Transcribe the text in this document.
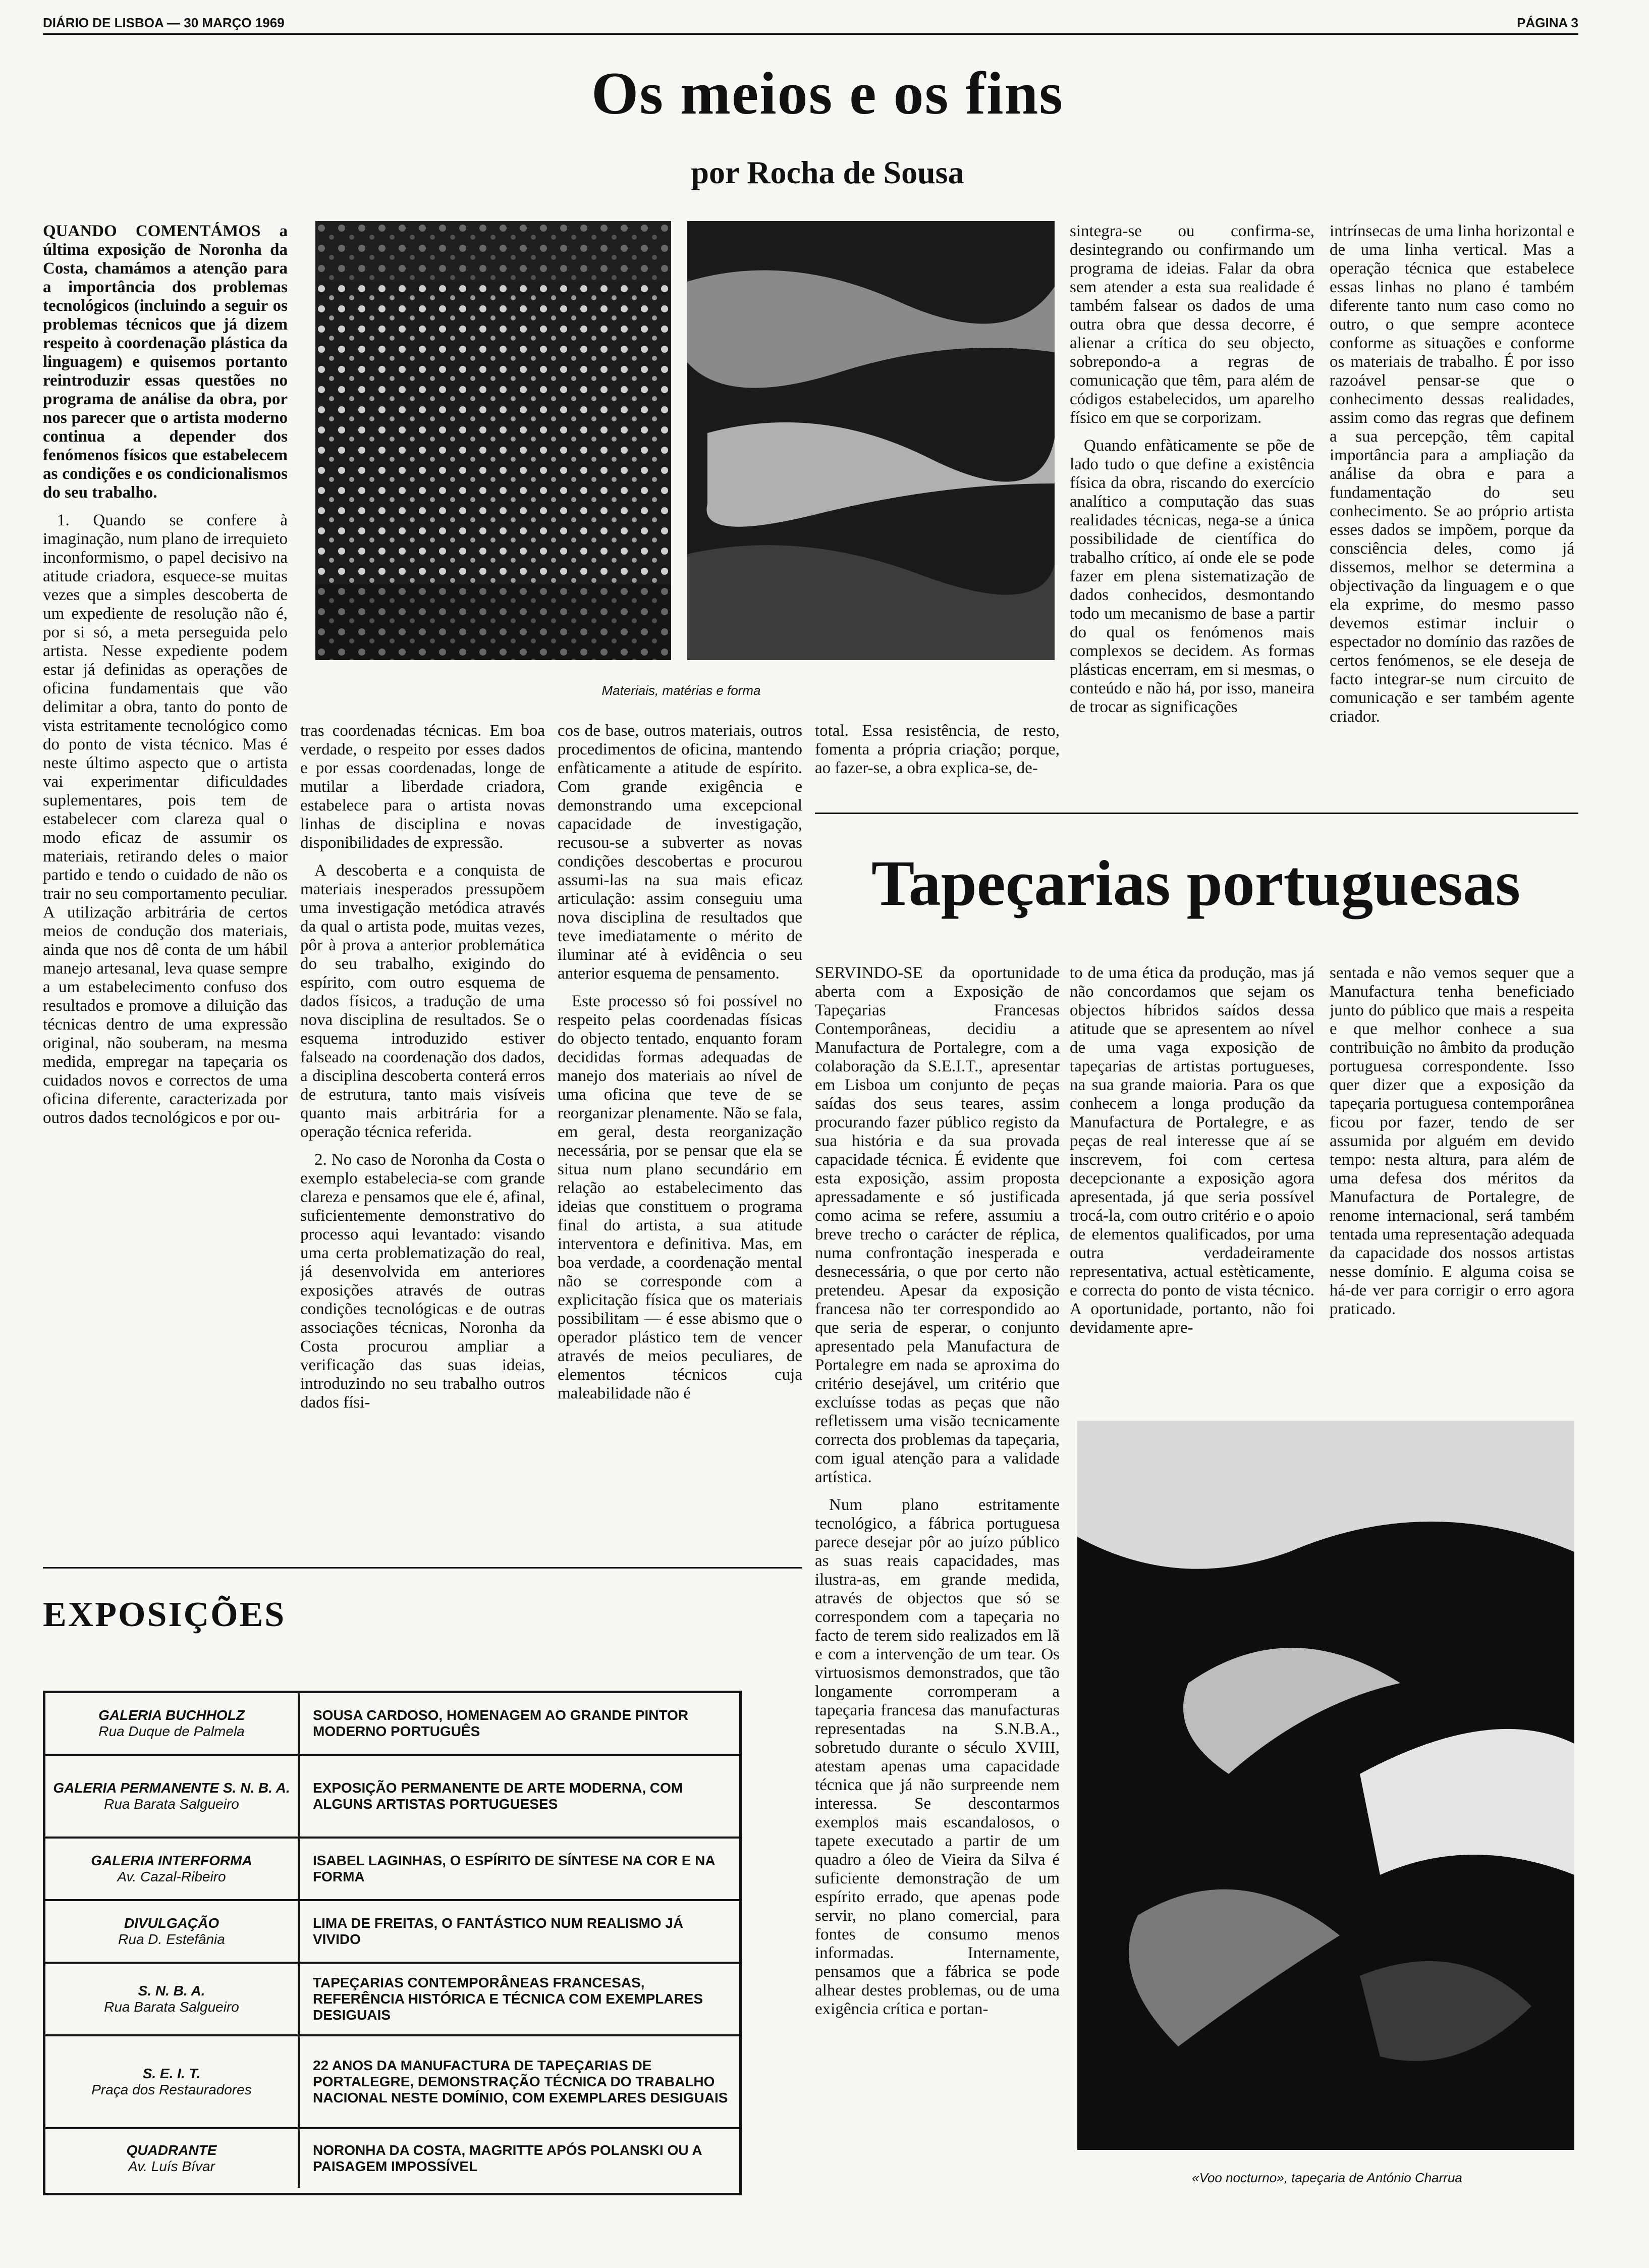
DIÁRIO DE LISBOA — 30 MARÇO 1969	PÁGINA 3
Os meios e os fins
por Rocha de Sousa

QUANDO COMENTÁMOS a última exposição de Noronha da Costa, chamámos a atenção para a importância dos problemas tecnológicos (incluindo a seguir os problemas técnicos que já dizem respeito à coordenação plástica da linguagem) e quisemos portanto reintroduzir essas questões no programa de análise da obra, por nos parecer que o artista moderno continua a depender dos fenómenos físicos que estabelecem as condições e os condicionalismos do seu trabalho.

1. Quando se confere à imaginação, num plano de irrequieto inconformismo, o papel decisivo na atitude criadora, esquece-se muitas vezes que a simples descoberta de um expediente de resolução não é, por si só, a meta perseguida pelo artista. Nesse expediente podem estar já definidas as operações de oficina fundamentais que vão delimitar a obra, tanto do ponto de vista estritamente tecnológico como do ponto de vista técnico. Mas é neste último aspecto que o artista vai experimentar dificuldades suplementares, pois tem de estabelecer com clareza qual o modo eficaz de assumir os materiais, retirando deles o maior partido e tendo o cuidado de não os trair no seu comportamento peculiar. A utilização arbitrária de certos meios de condução dos materiais, ainda que nos dê conta de um hábil manejo artesanal, leva quase sempre a um estabelecimento confuso dos resultados e promove a diluição das técnicas dentro de uma expressão original, não souberam, na mesma medida, empregar na tapeçaria os cuidados novos e correctos de uma oficina diferente, caracterizada por outros dados tecnológicos e por ou-

Materiais, matérias e forma

tras coordenadas técnicas. Em boa verdade, o respeito por esses dados e por essas coordenadas, longe de mutilar a liberdade criadora, estabelece para o artista novas linhas de disciplina e novas disponibilidades de expressão.

A descoberta e a conquista de materiais inesperados pressupõem uma investigação metódica através da qual o artista pode, muitas vezes, pôr à prova a anterior problemática do seu trabalho, exigindo do espírito, com outro esquema de dados físicos, a tradução de uma nova disciplina de resultados. Se o esquema introduzido estiver falseado na coordenação dos dados, a disciplina descoberta conterá erros de estrutura, tanto mais visíveis quanto mais arbitrária for a operação técnica referida.

2. No caso de Noronha da Costa o exemplo estabelecia-se com grande clareza e pensamos que ele é, afinal, suficientemente demonstrativo do processo aqui levantado: visando uma certa problematização do real, já desenvolvida em anteriores exposições através de outras condições tecnológicas e de outras associações técnicas, Noronha da Costa procurou ampliar a verificação das suas ideias, introduzindo no seu trabalho outros dados físi-

cos de base, outros materiais, outros procedimentos de oficina, mantendo enfàticamente a atitude de espírito. Com grande exigência e demonstrando uma excepcional capacidade de investigação, recusou-se a subverter as novas condições descobertas e procurou assumi-las na sua mais eficaz articulação: assim conseguiu uma nova disciplina de resultados que teve imediatamente o mérito de iluminar até à evidência o seu anterior esquema de pensamento.

Este processo só foi possível no respeito pelas coordenadas físicas do objecto tentado, enquanto foram decididas formas adequadas de manejo dos materiais ao nível de uma oficina que teve de se reorganizar plenamente. Não se fala, em geral, desta reorganização necessária, por se pensar que ela se situa num plano secundário em relação ao estabelecimento das ideias que constituem o programa final do artista, a sua atitude interventora e definitiva. Mas, em boa verdade, a coordenação mental não se corresponde com a explicitação física que os materiais possibilitam — é esse abismo que o operador plástico tem de vencer através de meios peculiares, de elementos técnicos cuja maleabilidade não é

total. Essa resistência, de resto, fomenta a própria criação; porque, ao fazer-se, a obra explica-se, de-

sintegra-se ou confirma-se, desintegrando ou confirmando um programa de ideias. Falar da obra sem atender a esta sua realidade é também falsear os dados de uma outra obra que dessa decorre, é alienar a crítica do seu objecto, sobrepondo-a a regras de comunicação que têm, para além de códigos estabelecidos, um aparelho físico em que se corporizam.

Quando enfàticamente se põe de lado tudo o que define a existência física da obra, riscando do exercício analítico a computação das suas realidades técnicas, nega-se a única possibilidade de científica do trabalho crítico, aí onde ele se pode fazer em plena sistematização de dados conhecidos, desmontando todo um mecanismo de base a partir do qual os fenómenos mais complexos se decidem. As formas plásticas encerram, em si mesmas, o conteúdo e não há, por isso, maneira de trocar as significações

intrínsecas de uma linha horizontal e de uma linha vertical. Mas a operação técnica que estabelece essas linhas no plano é também diferente tanto num caso como no outro, o que sempre acontece conforme as situações e conforme os materiais de trabalho. É por isso razoável pensar-se que o conhecimento dessas realidades, assim como das regras que definem a sua percepção, têm capital importância para a ampliação da análise da obra e para a fundamentação do seu conhecimento. Se ao próprio artista esses dados se impõem, porque da consciência deles, como já dissemos, melhor se determina a objectivação da linguagem e o que ela exprime, do mesmo passo devemos estimar incluir o espectador no domínio das razões de certos fenómenos, se ele deseja de facto integrar-se num circuito de comunicação e ser também agente criador.

Tapeçarias portuguesas

SERVINDO-SE da oportunidade aberta com a Exposição de Tapeçarias Francesas Contemporâneas, decidiu a Manufactura de Portalegre, com a colaboração da S.E.I.T., apresentar em Lisboa um conjunto de peças saídas dos seus teares, assim procurando fazer público registo da sua história e da sua provada capacidade técnica. É evidente que esta exposição, assim proposta apressadamente e só justificada como acima se refere, assumiu a breve trecho o carácter de réplica, numa confrontação inesperada e desnecessária, o que por certo não pretendeu. Apesar da exposição francesa não ter correspondido ao que seria de esperar, o conjunto apresentado pela Manufactura de Portalegre em nada se aproxima do critério desejável, um critério que excluísse todas as peças que não refletissem uma visão tecnicamente correcta dos problemas da tapeçaria, com igual atenção para a validade artística.

Num plano estritamente tecnológico, a fábrica portuguesa parece desejar pôr ao juízo público as suas reais capacidades, mas ilustra-as, em grande medida, através de objectos que só se correspondem com a tapeçaria no facto de terem sido realizados em lã e com a intervenção de um tear. Os virtuosismos demonstrados, que tão longamente corromperam a tapeçaria francesa das manufacturas representadas na S.N.B.A., sobretudo durante o século XVIII, atestam apenas uma capacidade técnica que já não surpreende nem interessa. Se descontarmos exemplos mais escandalosos, o tapete executado a partir de um quadro a óleo de Vieira da Silva é suficiente demonstração de um espírito errado, que apenas pode servir, no plano comercial, para fontes de consumo menos informadas. Internamente, pensamos que a fábrica se pode alhear destes problemas, ou de uma exigência crítica e portan-

to de uma ética da produção, mas já não concordamos que sejam os objectos híbridos saídos dessa atitude que se apresentem ao nível de uma vaga exposição de tapeçarias de artistas portugueses, na sua grande maioria. Para os que conhecem a longa produção da Manufactura de Portalegre, e as peças de real interesse que aí se inscrevem, foi com certesa decepcionante a exposição agora apresentada, já que seria possível trocá-la, com outro critério e o apoio de elementos qualificados, por uma outra verdadeiramente representativa, actual estèticamente, e correcta do ponto de vista técnico. A oportunidade, portanto, não foi devidamente apre-

sentada e não vemos sequer que a Manufactura tenha beneficiado junto do público que mais a respeita e que melhor conhece a sua contribuição no âmbito da produção portuguesa correspondente. Isso quer dizer que a exposição da tapeçaria portuguesa contemporânea ficou por fazer, tendo de ser assumida por alguém em devido tempo: nesta altura, para além de uma defesa dos méritos da Manufactura de Portalegre, de renome internacional, será também tentada uma representação adequada da capacidade dos nossos artistas nesse domínio. E alguma coisa se há-de ver para corrigir o erro agora praticado.

«Voo nocturno», tapeçaria de António Charrua
EXPOSIÇÕES
GALERIA BUCHHOLZ
Rua Duque de Palmela
SOUSA CARDOSO, HOMENAGEM AO GRANDE PINTOR MODERNO PORTUGUÊS
GALERIA PERMANENTE S. N. B. A.
Rua Barata Salgueiro
EXPOSIÇÃO PERMANENTE DE ARTE MODERNA, COM ALGUNS ARTISTAS PORTUGUESES
GALERIA INTERFORMA
Av. Cazal-Ribeiro
ISABEL LAGINHAS, O ESPÍRITO DE SÍNTESE NA COR E NA FORMA
DIVULGAÇÃO
Rua D. Estefânia
LIMA DE FREITAS, O FANTÁSTICO NUM REALISMO JÁ VIVIDO
S. N. B. A.
Rua Barata Salgueiro
TAPEÇARIAS CONTEMPORÂNEAS FRANCESAS, REFERÊNCIA HISTÓRICA E TÉCNICA COM EXEMPLARES DESIGUAIS
S. E. I. T.
Praça dos Restauradores
22 ANOS DA MANUFACTURA DE TAPEÇARIAS DE PORTALEGRE, DEMONSTRAÇÃO TÉCNICA DO TRABALHO NACIONAL NESTE DOMÍNIO, COM EXEMPLARES DESIGUAIS
QUADRANTE
Av. Luís Bívar
NORONHA DA COSTA, MAGRITTE APÓS POLANSKI OU A PAISAGEM IMPOSSÍVEL
